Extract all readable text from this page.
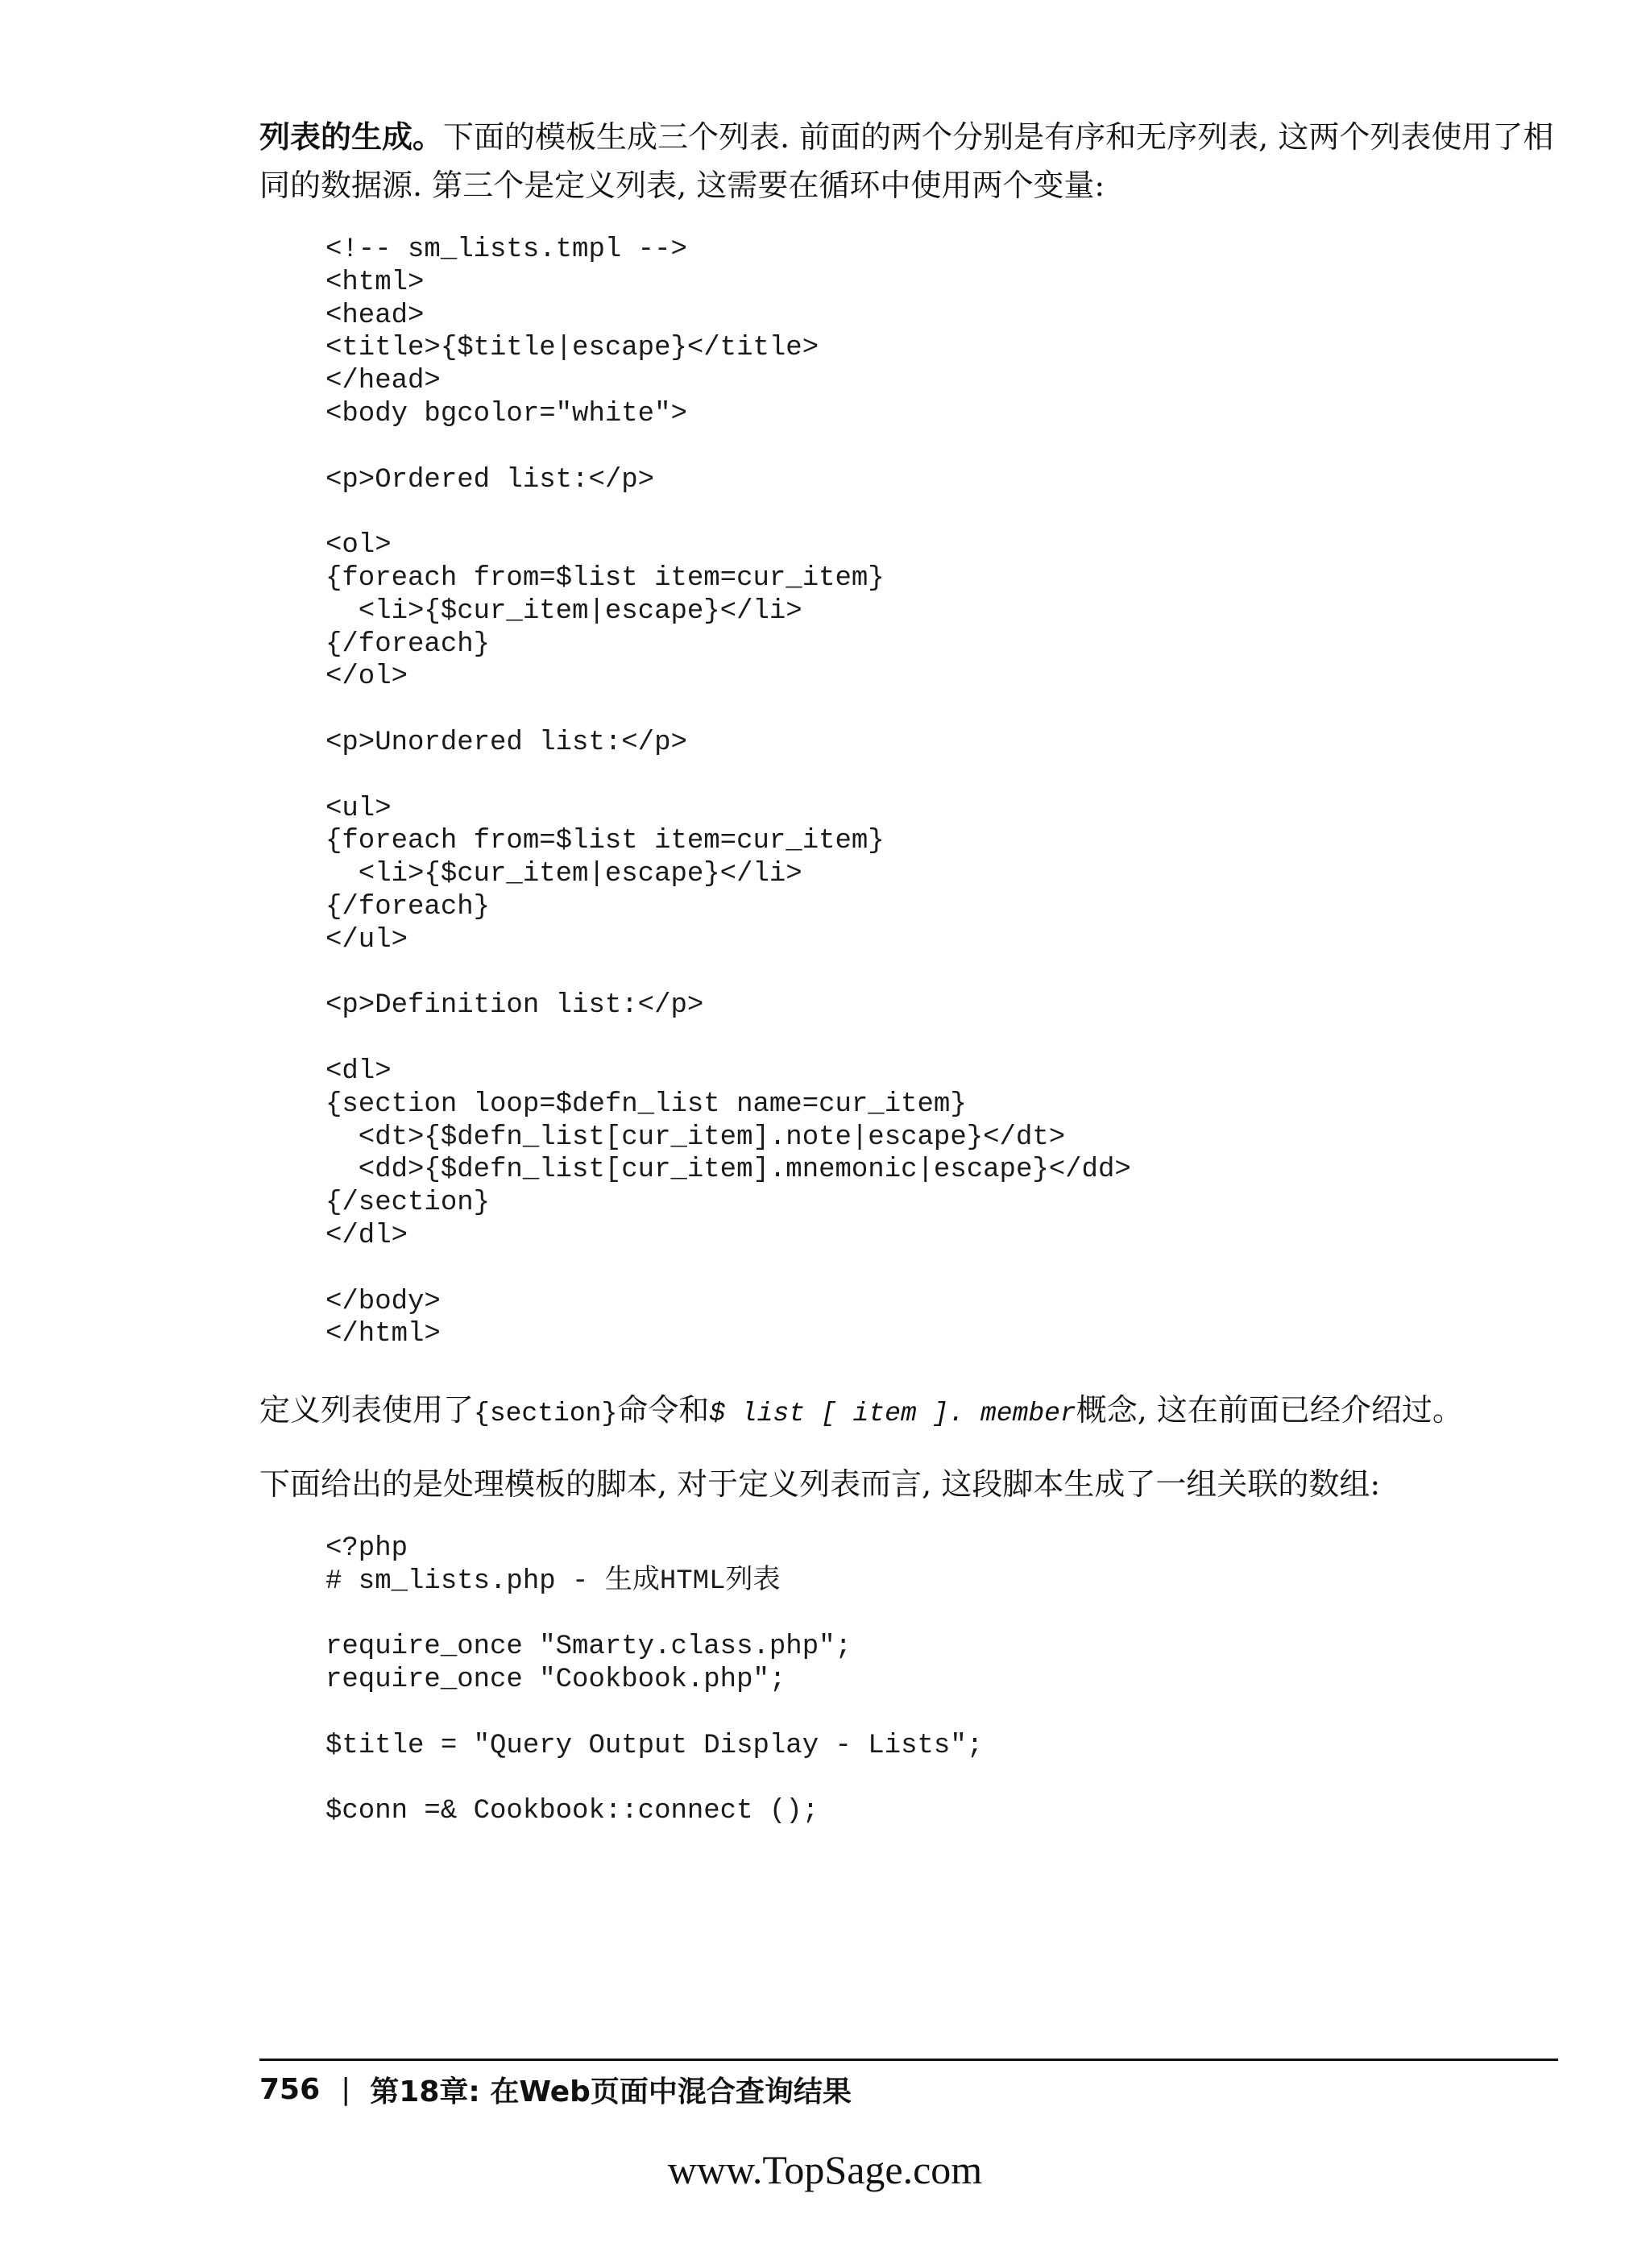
列表的生成。下面的模板生成三个列表. 前面的两个分别是有序和无序列表, 这两个列表使用了相同的数据源. 第三个是定义列表, 这需要在循环中使用两个变量:

<!-- sm_lists.tmpl -->
<html>
<head>
<title>{$title|escape}</title>
</head>
<body bgcolor="white">

<p>Ordered list:</p>

<ol>
{foreach from=$list item=cur_item}
<li>{$cur_item|escape}</li>
{/foreach}
</ol>

<p>Unordered list:</p>

<ul>
{foreach from=$list item=cur_item}
<li>{$cur_item|escape}</li>
{/foreach}
</ul>

<p>Definition list:</p>

<dl>
{section loop=$defn_list name=cur_item}
<dt>{$defn_list[cur_item].note|escape}</dt>
<dd>{$defn_list[cur_item].mnemonic|escape}</dd>
{/section}
</dl>

</body>
</html>

定义列表使用了{section}命令和$ list [ item ]. member概念, 这在前面已经介绍过。

下面给出的是处理模板的脚本, 对于定义列表而言, 这段脚本生成了一组关联的数组:

<?php
# sm_lists.php - 生成HTML列表

require_once "Smarty.class.php";
require_once "Cookbook.php";

$title = "Query Output Display - Lists";

$conn =& Cookbook::connect ();
756 | 第18章: 在Web页面中混合查询结果
www.TopSage.com
